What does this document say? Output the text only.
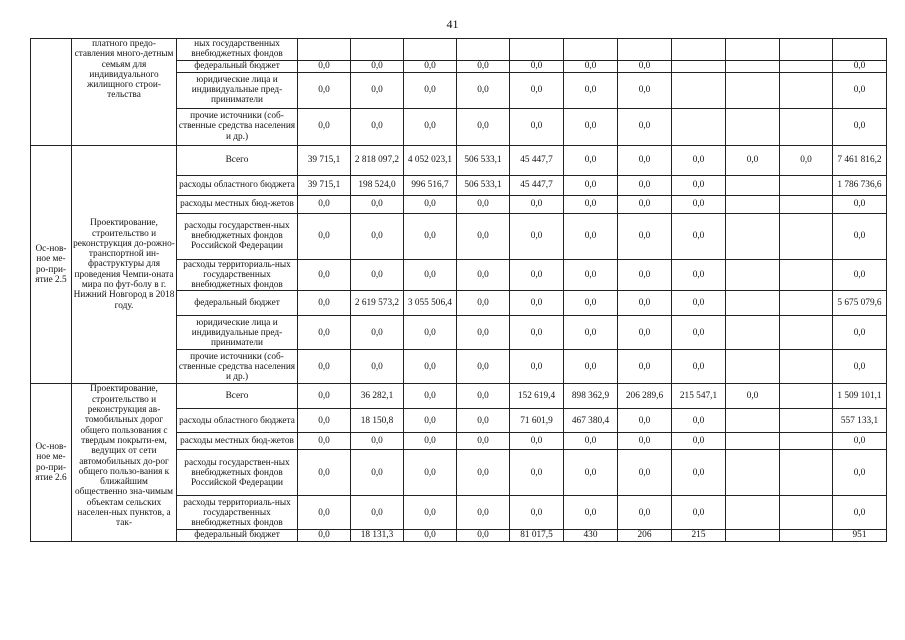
41
	платного предо-ставления много-детным семьям для индивидуального жилищного строи-тельства	ных государственных внебюджетных фондов											
		федеральный бюджет	0,0	0,0	0,0	0,0	0,0	0,0	0,0				0,0
		юридические лица и индивидуальные пред-приниматели	0,0	0,0	0,0	0,0	0,0	0,0	0,0				0,0
		прочие источники (соб-ственные средства населения и др.)	0,0	0,0	0,0	0,0	0,0	0,0	0,0				0,0
Ос-нов-ное ме-ро-при-ятие 2.5	Проектирование, строительство и реконструкция до-рожно-транспортной ин-фраструктуры для проведения Чемпи-оната мира по фут-болу в г. Нижний Новгород в 2018 году.	Всего	39 715,1	2 818 097,2	4 052 023,1	506 533,1	45 447,7	0,0	0,0	0,0	0,0	0,0	7 461 816,2
		расходы областного бюджета	39 715,1	198 524,0	996 516,7	506 533,1	45 447,7	0,0	0,0	0,0			1 786 736,6
		расходы местных бюд-жетов	0,0	0,0	0,0	0,0	0,0	0,0	0,0	0,0			0,0
		расходы государствен-ных внебюджетных фондов Российской Федерации	0,0	0,0	0,0	0,0	0,0	0,0	0,0	0,0			0,0
		расходы территориаль-ных государственных внебюджетных фондов	0,0	0,0	0,0	0,0	0,0	0,0	0,0	0,0			0,0
		федеральный бюджет	0,0	2 619 573,2	3 055 506,4	0,0	0,0	0,0	0,0	0,0			5 675 079,6
		юридические лица и индивидуальные пред-приниматели	0,0	0,0	0,0	0,0	0,0	0,0	0,0	0,0			0,0
		прочие источники (соб-ственные средства населения и др.)	0,0	0,0	0,0	0,0	0,0	0,0	0,0	0,0			0,0
Ос-нов-ное ме-ро-при-ятие 2.6	Проектирование, строительство и реконструкция ав-томобильных дорог общего пользования с твердым покрыти-ем, ведущих от сети автомобильных до-рог общего пользо-вания к ближайшим общественно зна-чимым объектам сельских населен-ных пунктов, а так-	Всего	0,0	36 282,1	0,0	0,0	152 619,4	898 362,9	206 289,6	215 547,1	0,0		1 509 101,1
		расходы областного бюджета	0,0	18 150,8	0,0	0,0	71 601,9	467 380,4	0,0	0,0			557 133,1
		расходы местных бюд-жетов	0,0	0,0	0,0	0,0	0,0	0,0	0,0	0,0			0,0
		расходы государствен-ных внебюджетных фондов Российской Федерации	0,0	0,0	0,0	0,0	0,0	0,0	0,0	0,0			0,0
		расходы территориаль-ных государственных внебюджетных фондов	0,0	0,0	0,0	0,0	0,0	0,0	0,0	0,0			0,0
		федеральный бюджет	0,0	18 131,3	0,0	0,0	81 017,5	430	206	215			951
